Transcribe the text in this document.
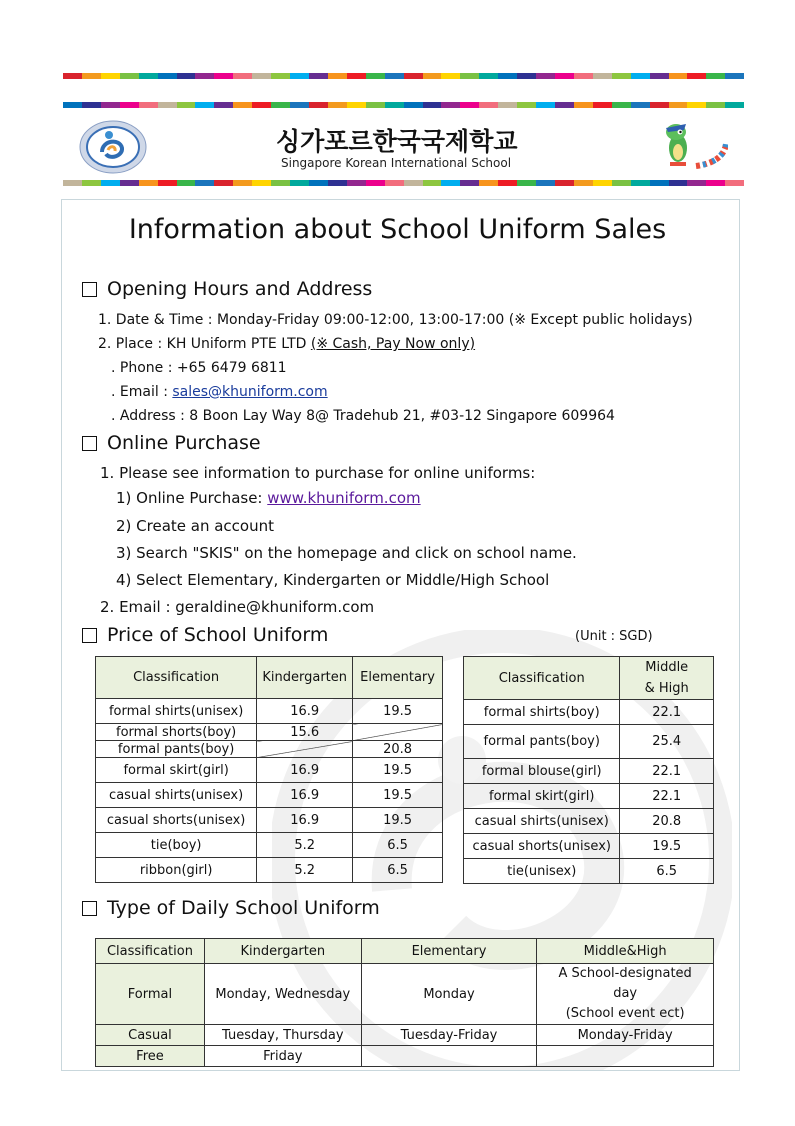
싱가포르한국국제학교
Singapore Korean International School
Information about School Uniform Sales
Opening Hours and Address
1. Date & Time : Monday-Friday 09:00-12:00, 13:00-17:00 (※ Except public holidays)
2. Place : KH Uniform PTE LTD (※ Cash, Pay Now only)
. Phone : +65 6479 6811
. Email : sales@khuniform.com
. Address : 8 Boon Lay Way 8@ Tradehub 21, #03-12 Singapore 609964
Online Purchase
1. Please see information to purchase for online uniforms:
1) Online Purchase: www.khuniform.com
2) Create an account
3) Search "SKIS" on the homepage and click on school name.
4) Select Elementary, Kindergarten or Middle/High School
2. Email : geraldine@khuniform.com
Price of School Uniform	(Unit : SGD)
Classification	Kindergarten	Elementary
formal shirts(unisex)	16.9	19.5
formal shorts(boy)	15.6	
formal pants(boy)		20.8
formal skirt(girl)	16.9	19.5
casual shirts(unisex)	16.9	19.5
casual shorts(unisex)	16.9	19.5
tie(boy)	5.2	6.5
ribbon(girl)	5.2	6.5
Classification	Middle
& High

formal shirts(boy)	22.1
formal pants(boy)	25.4
formal blouse(girl)	22.1
formal skirt(girl)	22.1
casual shirts(unisex)	20.8
casual shorts(unisex)	19.5
tie(unisex)	6.5
Type of Daily School Uniform
Classification	Kindergarten	Elementary	Middle&High
Formal	Monday, Wednesday	Monday	A School-designated
day
(School event ect)

Casual	Tuesday, Thursday	Tuesday-Friday	Monday-Friday
Free	Friday		
